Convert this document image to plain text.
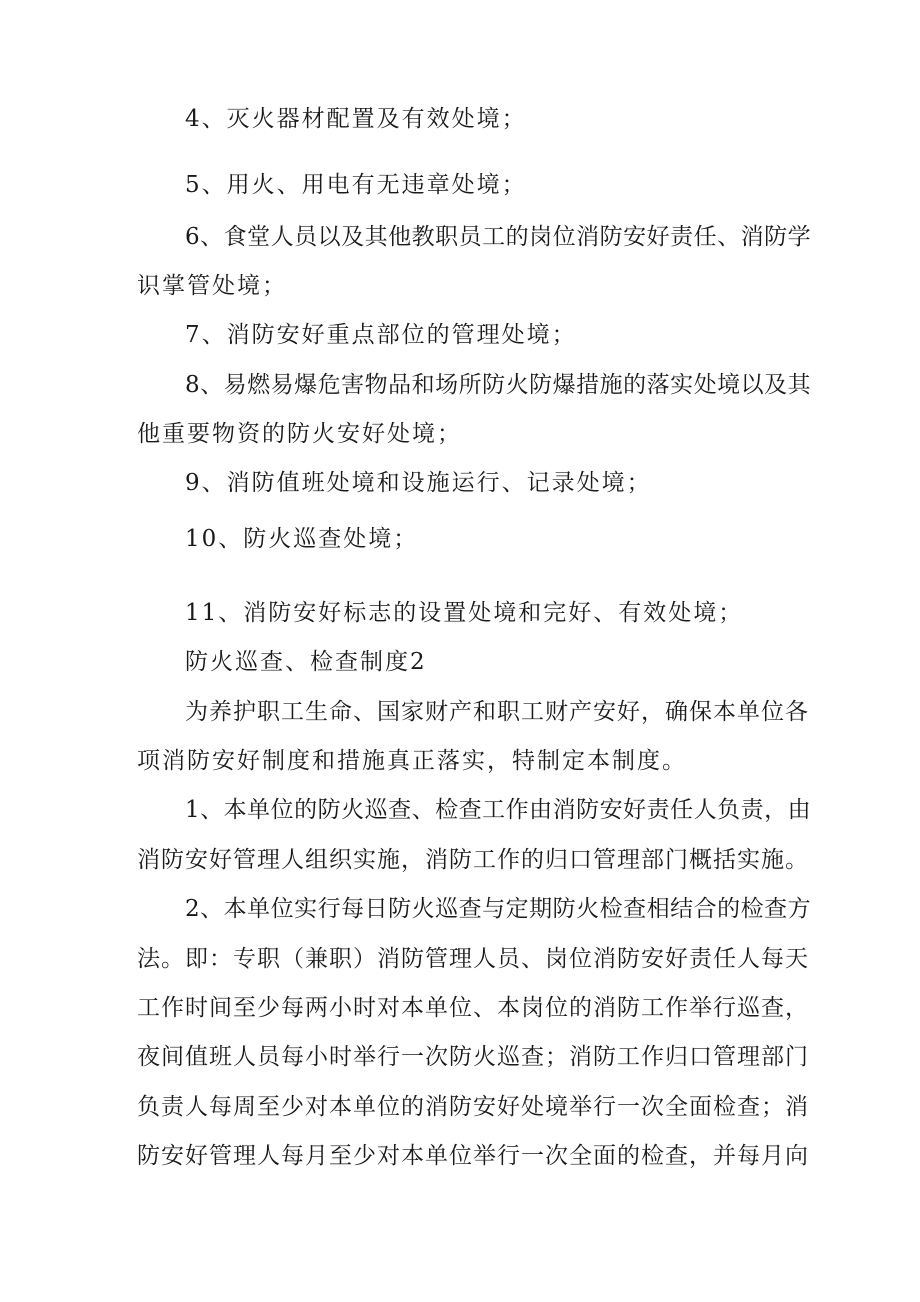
4、灭火器材配置及有效处境；
5、用火、用电有无违章处境；
6、食堂人员以及其他教职员工的岗位消防安好责任、消防学
识掌管处境；
7、消防安好重点部位的管理处境；
8、易燃易爆危害物品和场所防火防爆措施的落实处境以及其
他重要物资的防火安好处境；
9、消防值班处境和设施运行、记录处境；
10、防火巡查处境；
11、消防安好标志的设置处境和完好、有效处境；
防火巡查、检查制度2
为养护职工生命、国家财产和职工财产安好，确保本单位各
项消防安好制度和措施真正落实，特制定本制度。
1、本单位的防火巡查、检查工作由消防安好责任人负责，由
消防安好管理人组织实施，消防工作的归口管理部门概括实施。
2、本单位实行每日防火巡查与定期防火检查相结合的检查方
法。即：专职（兼职）消防管理人员、岗位消防安好责任人每天
工作时间至少每两小时对本单位、本岗位的消防工作举行巡查，
夜间值班人员每小时举行一次防火巡查；消防工作归口管理部门
负责人每周至少对本单位的消防安好处境举行一次全面检查；消
防安好管理人每月至少对本单位举行一次全面的检查，并每月向
